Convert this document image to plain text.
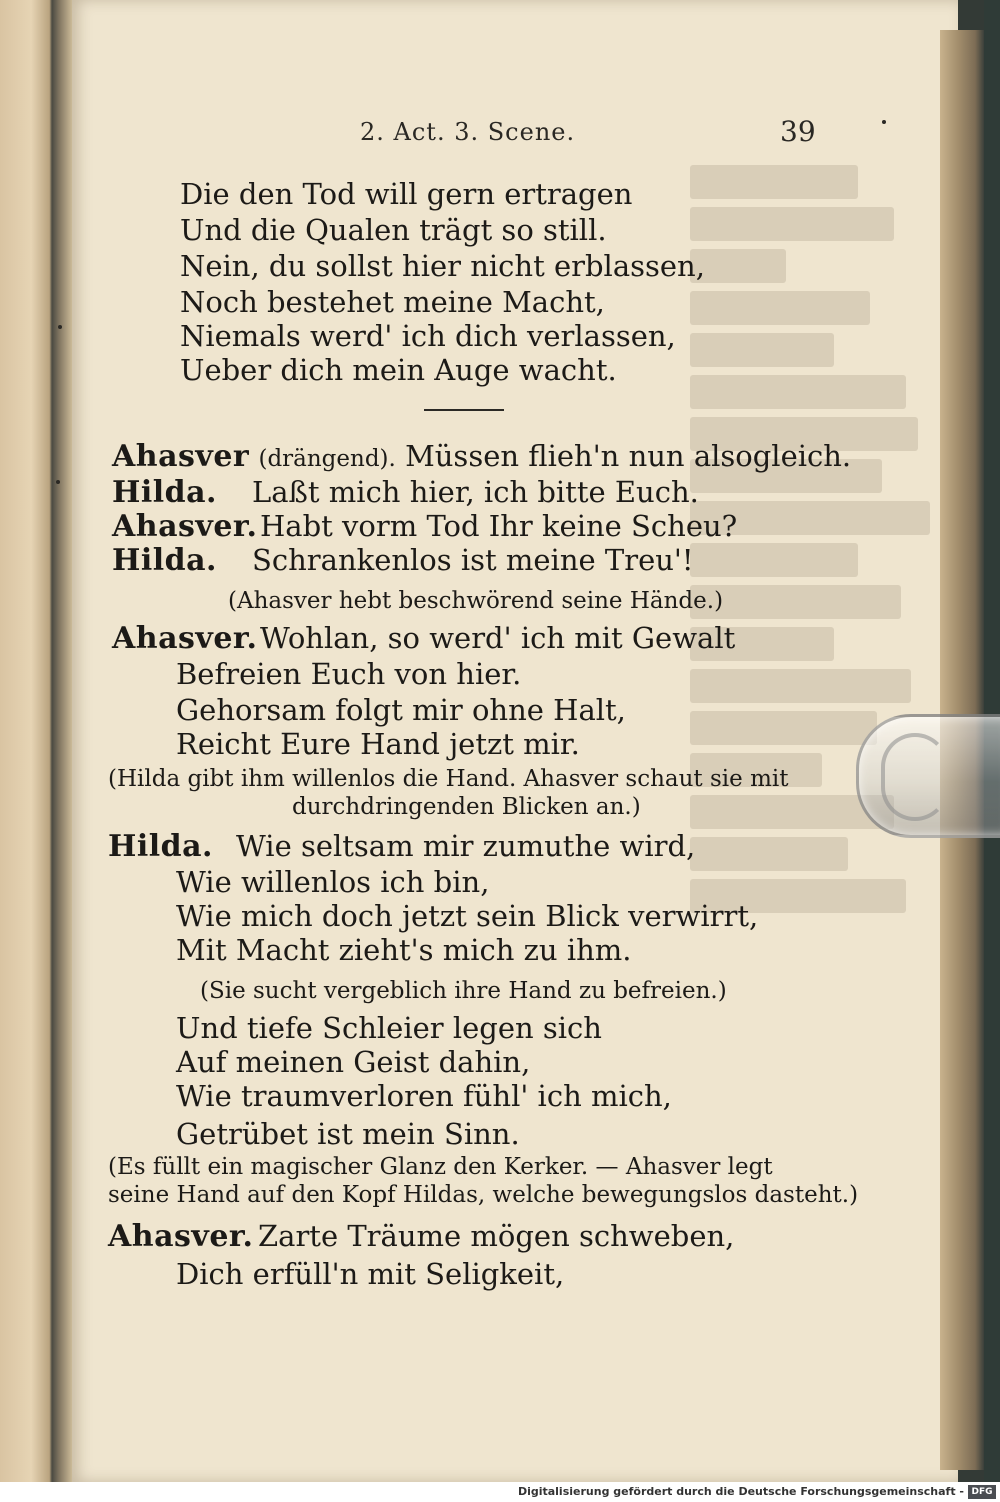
2. Act. 3. Scene.	39

Die den Tod will gern ertragen

Und die Qualen trägt so still.

Nein, du sollst hier nicht erblassen,

Noch bestehet meine Macht,

Niemals werd' ich dich verlassen,

Ueber dich mein Auge wacht.

Ahasver (drängend). Müssen flieh'n nun alsogleich.

Hilda. Laßt mich hier, ich bitte Euch.

Ahasver.Habt vorm Tod Ihr keine Scheu?

Hilda. Schrankenlos ist meine Treu'!

(Ahasver hebt beschwörend seine Hände.)

Ahasver.Wohlan, so werd' ich mit Gewalt

Befreien Euch von hier.

Gehorsam folgt mir ohne Halt,

Reicht Eure Hand jetzt mir.

(Hilda gibt ihm willenlos die Hand. Ahasver schaut sie mit

durchdringenden Blicken an.)

Hilda. Wie seltsam mir zumuthe wird,

Wie willenlos ich bin,

Wie mich doch jetzt sein Blick verwirrt,

Mit Macht zieht's mich zu ihm.

(Sie sucht vergeblich ihre Hand zu befreien.)

Und tiefe Schleier legen sich

Auf meinen Geist dahin,

Wie traumverloren fühl' ich mich,

Getrübet ist mein Sinn.

(Es füllt ein magischer Glanz den Kerker. — Ahasver legt

seine Hand auf den Kopf Hildas, welche bewegungslos dasteht.)

Ahasver. Zarte Träume mögen schweben,

Dich erfüll'n mit Seligkeit,

Digitalisierung gefördert durch die Deutsche Forschungsgemeinschaft - DFG
